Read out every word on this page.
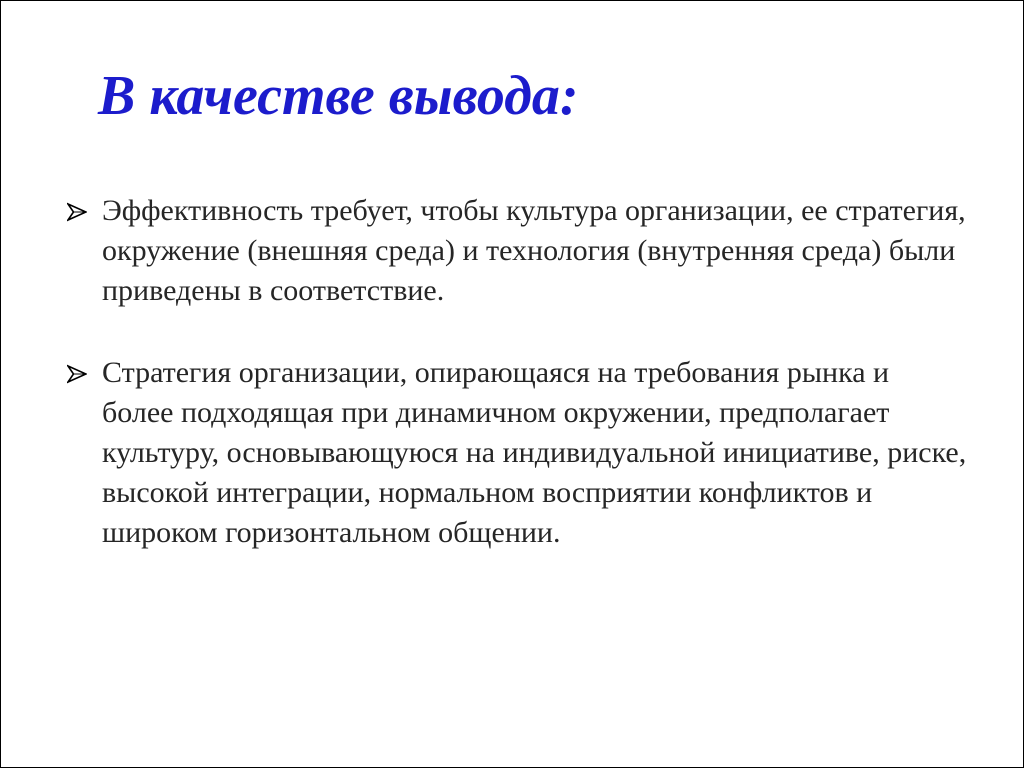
В качестве вывода:
Эффективность требует, чтобы культура организации, ее стратегия, окружение (внешняя среда) и технология (внутренняя среда) были приведены в соответствие.
Стратегия организации, опирающаяся на требования рынка и более подходящая при динамичном окружении, предполагает культуру, основывающуюся на индивидуальной инициативе, риске, высокой интеграции, нормальном восприятии конфликтов и широком горизонтальном общении.
